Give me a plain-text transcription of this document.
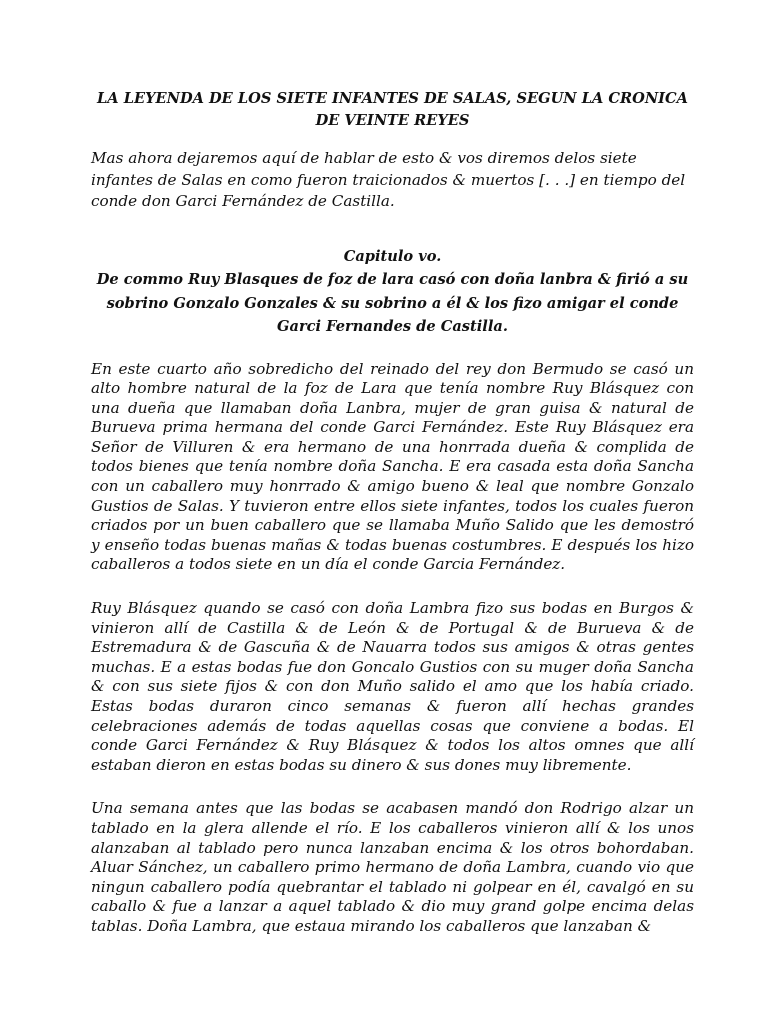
LA LEYENDA DE LOS SIETE INFANTES DE SALAS, SEGUN LA CRONICA DE VEINTE REYES

Mas ahora dejaremos aquí de hablar de esto & vos diremos delos siete infantes de Salas en como fueron traicionados & muertos [. . .] en tiempo del conde don Garci Fernández de Castilla.

Capitulo vo.
De commo Ruy Blasques de foz de lara casó con doña lanbra & firió a su sobrino Gonzalo Gonzales & su sobrino a él & los fizo amigar el conde Garci Fernandes de Castilla.

En este cuarto año sobredicho del reinado del rey don Bermudo se casó un alto hombre natural de la foz de Lara que tenía nombre Ruy Blásquez con una dueña que llamaban doña Lanbra, mujer de gran guisa & natural de Burueva prima hermana del conde Garci Fernández. Este Ruy Blásquez era Señor de Villuren & era hermano de una honrrada dueña & complida de todos bienes que tenía nombre doña Sancha. E era casada esta doña Sancha con un caballero muy honrrado & amigo bueno & leal que nombre Gonzalo Gustios de Salas. Y tuvieron entre ellos siete infantes, todos los cuales fueron criados por un buen caballero que se llamaba Muño Salido que les demostró y enseño todas buenas mañas & todas buenas costumbres. E después los hizo caballeros a todos siete en un día el conde Garcia Fernández.

Ruy Blásquez quando se casó con doña Lambra fizo sus bodas en Burgos & vinieron allí de Castilla & de León & de Portugal & de Burueva & de Estremadura & de Gascuña & de Nauarra todos sus amigos & otras gentes muchas. E a estas bodas fue don Goncalo Gustios con su muger doña Sancha & con sus siete fijos & con don Muño salido el amo que los había criado. Estas bodas duraron cinco semanas & fueron allí hechas grandes celebraciones además de todas aquellas cosas que conviene a bodas. El conde Garci Fernández & Ruy Blásquez & todos los altos omnes que allí estaban dieron en estas bodas su dinero & sus dones muy libremente.

Una semana antes que las bodas se acabasen mandó don Rodrigo alzar un tablado en la glera allende el río. E los caballeros vinieron allí & los unos alanzaban al tablado pero nunca lanzaban encima & los otros bohordaban. Aluar Sánchez, un caballero primo hermano de doña Lambra, cuando vio que ningun caballero podía quebrantar el tablado ni golpear en él, cavalgó en su caballo & fue a lanzar a aquel tablado & dio muy grand golpe encima delas tablas. Doña Lambra, que estaua mirando los caballeros que lanzaban &
